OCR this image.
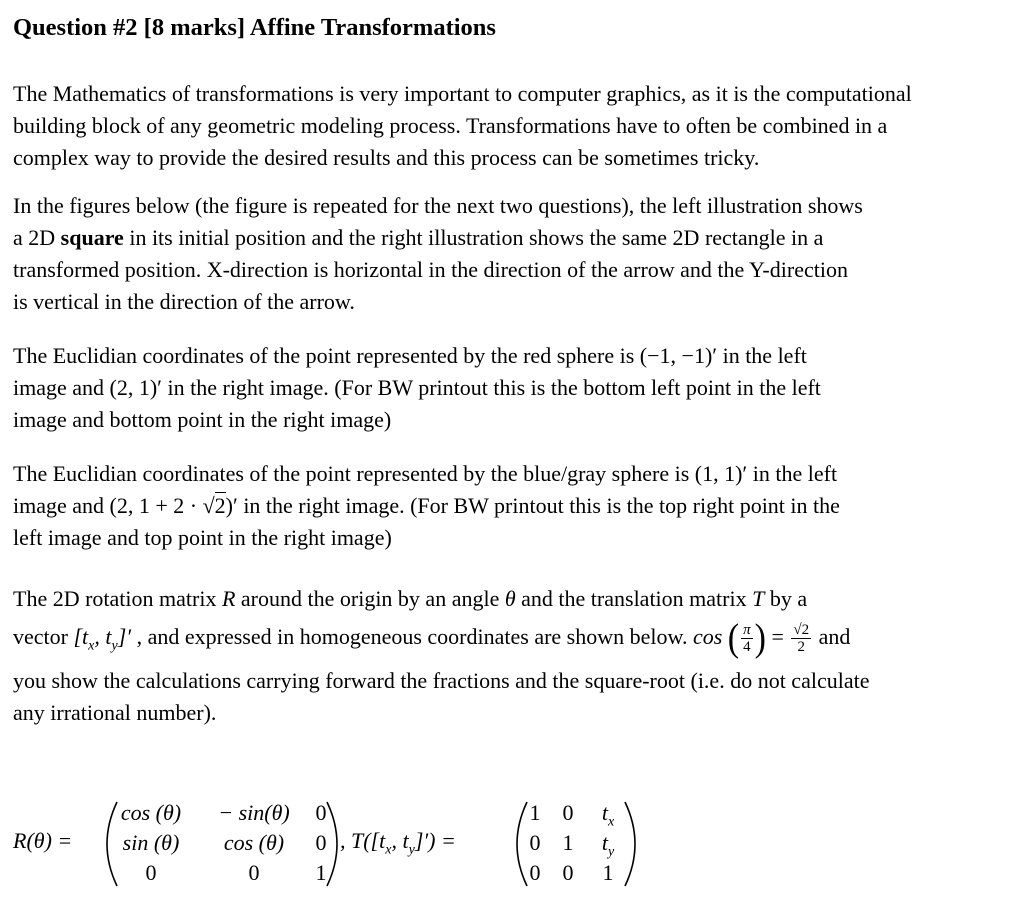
Question #2 [8 marks] Affine Transformations
The Mathematics of transformations is very important to computer graphics, as it is the computational
building block of any geometric modeling process. Transformations have to often be combined in a
complex way to provide the desired results and this process can be sometimes tricky.
In the figures below (the figure is repeated for the next two questions), the left illustration shows
a 2D square in its initial position and the right illustration shows the same 2D rectangle in a
transformed position. X-direction is horizontal in the direction of the arrow and the Y-direction
is vertical in the direction of the arrow.
The Euclidian coordinates of the point represented by the red sphere is (−1, −1)′ in the left
image and (2, 1)′ in the right image. (For BW printout this is the bottom left point in the left
image and bottom point in the right image)
The Euclidian coordinates of the point represented by the blue/gray sphere is (1, 1)′ in the left
image and (2, 1 + 2 · √2)′ in the right image. (For BW printout this is the top right point in the
left image and top point in the right image)
The 2D rotation matrix R around the origin by an angle θ and the translation matrix T by a
vector [$t_x$, $t_y]'$ , and expressed in homogeneous coordinates are shown below. cos ( $\frac{\pi}{4}$ ) = $\frac{√2}{2}$ and
you show the calculations carrying forward the fractions and the square-root (i.e. do not calculate
any irrational number).
R(θ) =
cos (θ)	− sin(θ)	0
sin (θ)	cos (θ)	0
0	0	1
, $T([t_x$, $t_y]'$) =
1 0	$t_x$
0 1	$t_y$
0 0	1
